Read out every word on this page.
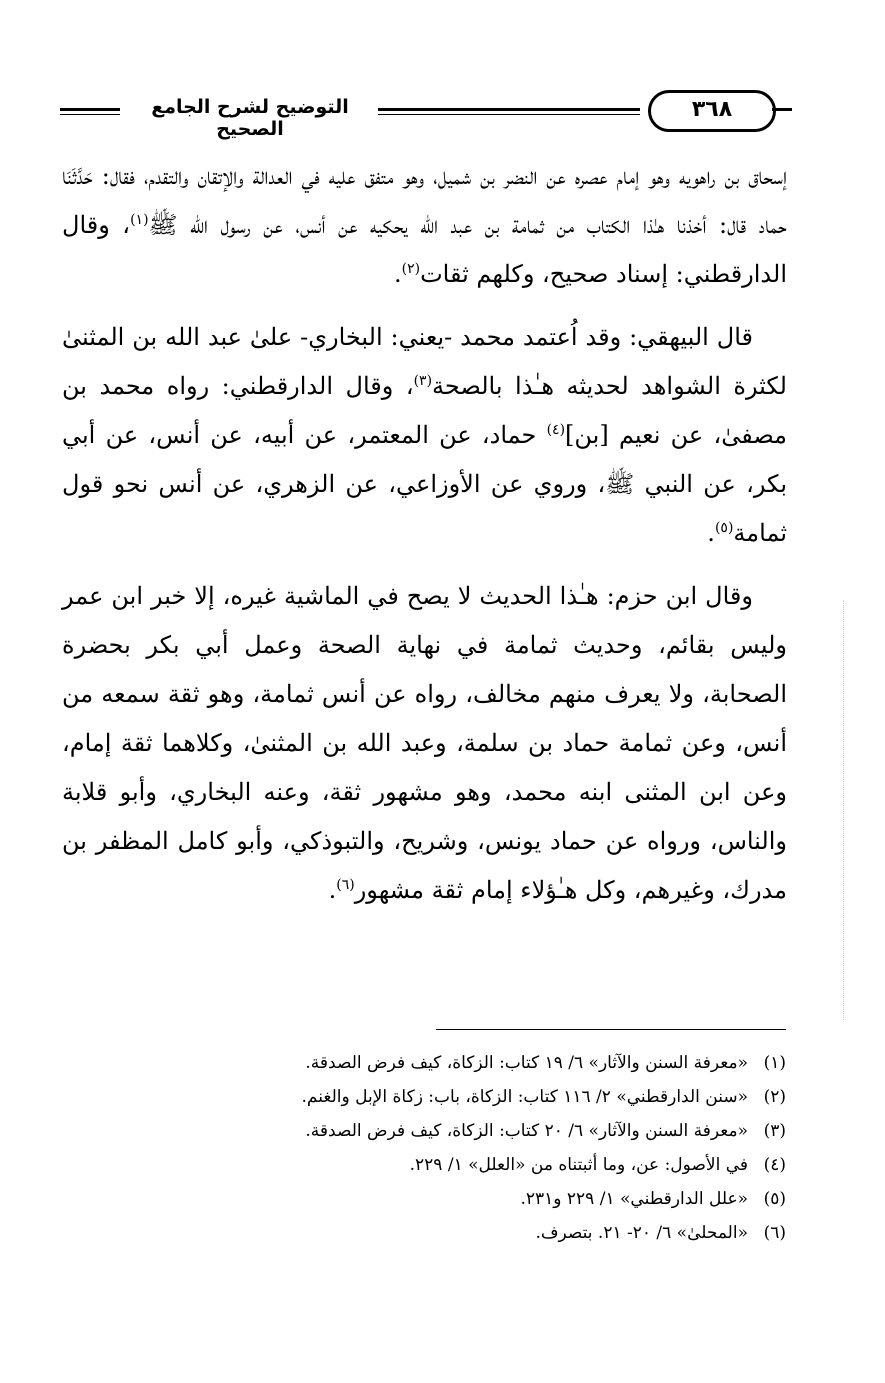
التوضيح لشرح الجامع الصحيح
٣٦٨

إسحاق بن راهويه وهو إمام عصره عن النضر بن شميل، وهو متفق عليه في العدالة والإتقان والتقدم، فقال: حَدَّثَنَا حماد قال: أخذنا هـٰذا الكتاب من ثمامة بن عبد الله يحكيه عن أنس، عن رسول الله ﷺ$^{(١)}$، وقال الدارقطني: إسناد صحيح، وكلهم ثقات$^{(٢)}$.

قال البيهقي: وقد اُعتمد محمد -يعني: البخاري- علىٰ عبد الله بن المثنىٰ لكثرة الشواهد لحديثه هـٰذا بالصحة$^{(٣)}$، وقال الدارقطني: رواه محمد بن مصفىٰ، عن نعيم [بن]$^{(٤)}$ حماد، عن المعتمر، عن أبيه، عن أنس، عن أبي بكر، عن النبي ﷺ، وروي عن الأوزاعي، عن الزهري، عن أنس نحو قول ثمامة$^{(٥)}$.

وقال ابن حزم: هـٰذا الحديث لا يصح في الماشية غيره، إلا خبر ابن عمر وليس بقائم، وحديث ثمامة في نهاية الصحة وعمل أبي بكر بحضرة الصحابة، ولا يعرف منهم مخالف، رواه عن أنس ثمامة، وهو ثقة سمعه من أنس، وعن ثمامة حماد بن سلمة، وعبد الله بن المثنىٰ، وكلاهما ثقة إمام، وعن ابن المثنى ابنه محمد، وهو مشهور ثقة، وعنه البخاري، وأبو قلابة والناس، ورواه عن حماد يونس، وشريح، والتبوذكي، وأبو كامل المظفر بن مدرك، وغيرهم، وكل هـٰؤلاء إمام ثقة مشهور$^{(٦)}$.

(١)«معرفة السنن والآثار» ٦/ ١٩ كتاب: الزكاة، كيف فرض الصدقة.
(٢)«سنن الدارقطني» ٢/ ١١٦ كتاب: الزكاة، باب: زكاة الإبل والغنم.
(٣)«معرفة السنن والآثار» ٦/ ٢٠ كتاب: الزكاة، كيف فرض الصدقة.
(٤)في الأصول: عن، وما أثبتناه من «العلل» ١/ ٢٢٩.
(٥)«علل الدارقطني» ١/ ٢٢٩ و٢٣١.
(٦)«المحلىٰ» ٦/ ٢٠- ٢١. بتصرف.
